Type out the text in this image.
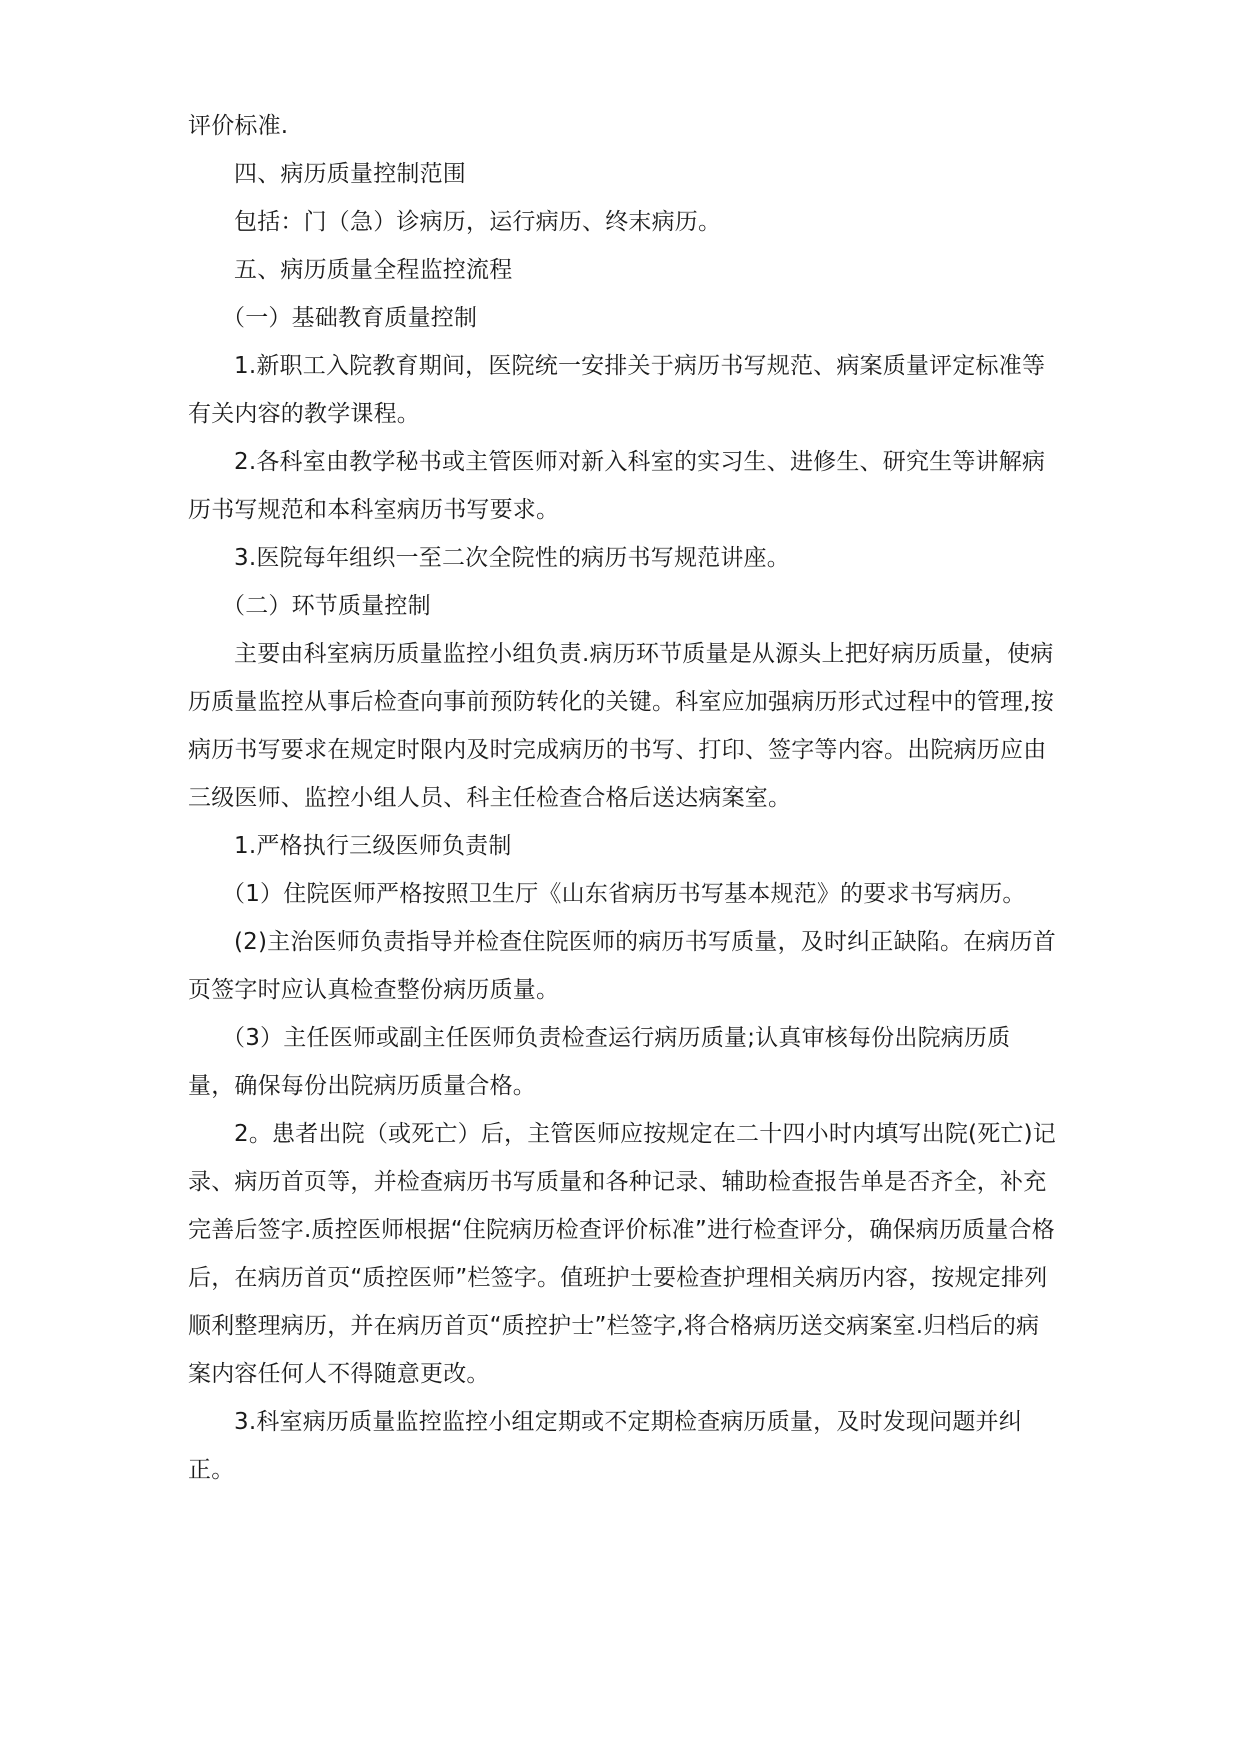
评价标准.

四、病历质量控制范围

包括：门（急）诊病历，运行病历、终末病历。

五、病历质量全程监控流程

（一）基础教育质量控制

1.新职工入院教育期间，医院统一安排关于病历书写规范、病案质量评定标准等有关内容的教学课程。

2.各科室由教学秘书或主管医师对新入科室的实习生、进修生、研究生等讲解病历书写规范和本科室病历书写要求。

3.医院每年组织一至二次全院性的病历书写规范讲座。

（二）环节质量控制

主要由科室病历质量监控小组负责.病历环节质量是从源头上把好病历质量，使病历质量监控从事后检查向事前预防转化的关键。科室应加强病历形式过程中的管理,按病历书写要求在规定时限内及时完成病历的书写、打印、签字等内容。出院病历应由三级医师、监控小组人员、科主任检查合格后送达病案室。

1.严格执行三级医师负责制

（1）住院医师严格按照卫生厅《山东省病历书写基本规范》的要求书写病历。

(2)主治医师负责指导并检查住院医师的病历书写质量，及时纠正缺陷。在病历首页签字时应认真检查整份病历质量。

（3）主任医师或副主任医师负责检查运行病历质量;认真审核每份出院病历质量，确保每份出院病历质量合格。

2。患者出院（或死亡）后，主管医师应按规定在二十四小时内填写出院(死亡)记录、病历首页等，并检查病历书写质量和各种记录、辅助检查报告单是否齐全，补充完善后签字.质控医师根据“住院病历检查评价标准”进行检查评分，确保病历质量合格后，在病历首页“质控医师”栏签字。值班护士要检查护理相关病历内容，按规定排列顺利整理病历，并在病历首页“质控护士”栏签字,将合格病历送交病案室.归档后的病案内容任何人不得随意更改。

3.科室病历质量监控监控小组定期或不定期检查病历质量，及时发现问题并纠正。
